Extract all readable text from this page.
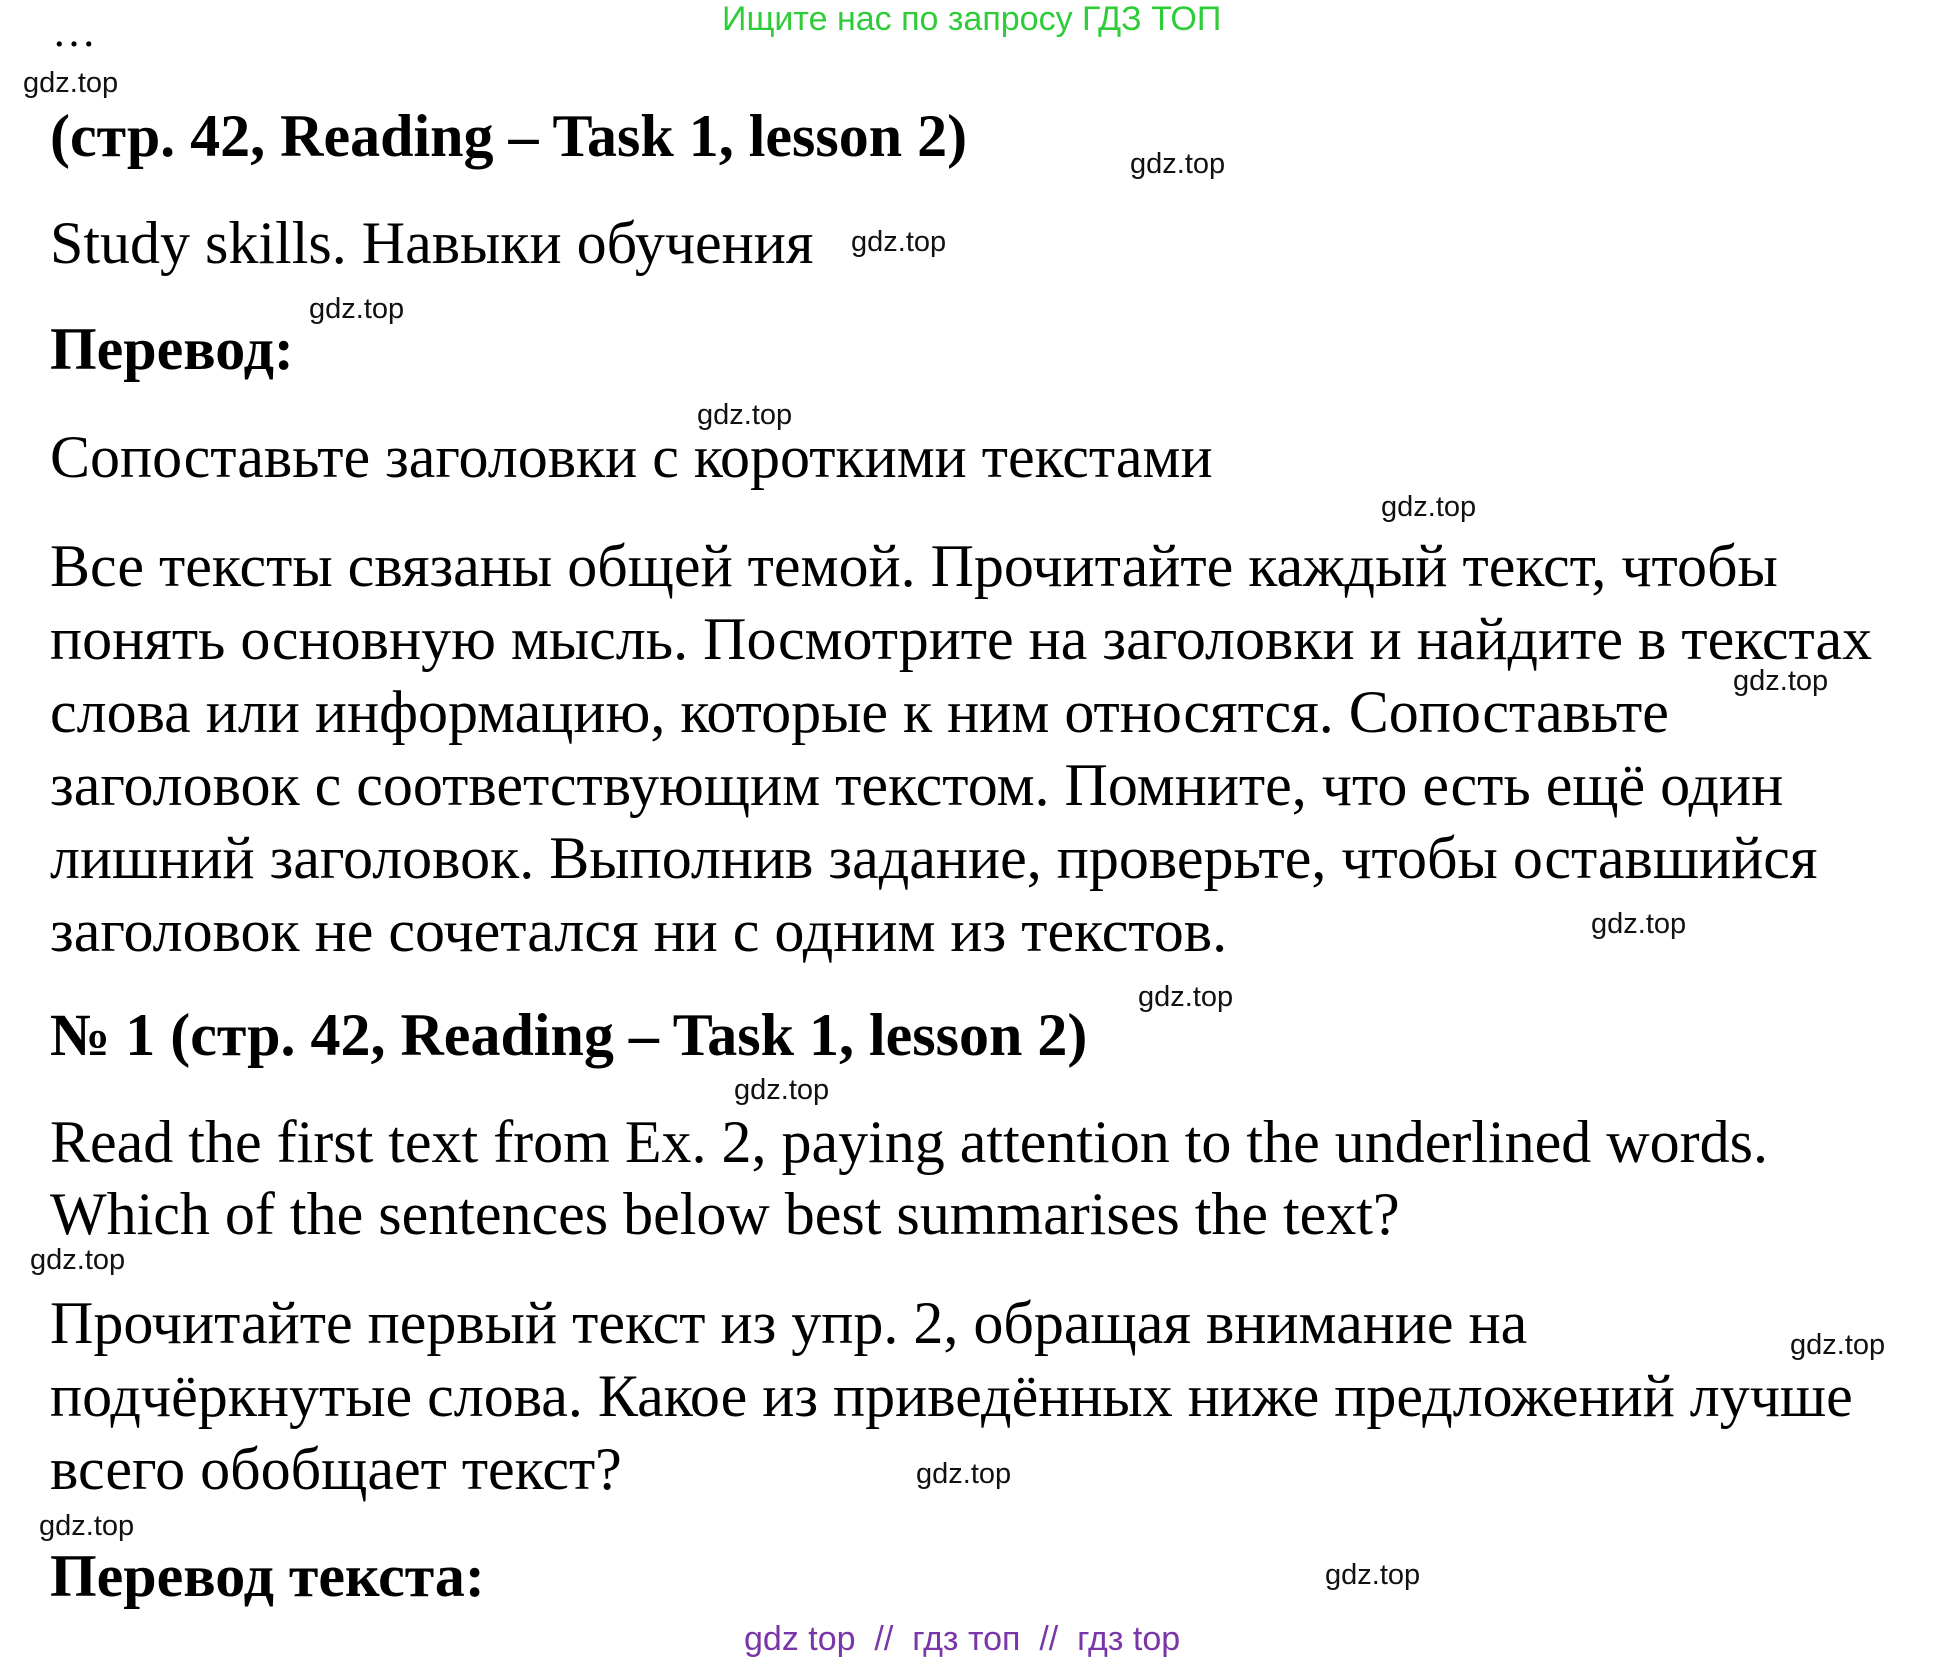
Ищите нас по запросу ГДЗ ТОП
…
(стр. 42, Reading – Task 1, lesson 2)
Study skills. Навыки обучения
Перевод:
Сопоставьте заголовки с короткими текстами
Все тексты связаны общей темой. Прочитайте каждый текст, чтобы
понять основную мысль. Посмотрите на заголовки и найдите в текстах
слова или информацию, которые к ним относятся. Сопоставьте
заголовок с соответствующим текстом. Помните, что есть ещё один
лишний заголовок. Выполнив задание, проверьте, чтобы оставшийся
заголовок не сочетался ни с одним из текстов.
№ 1 (стр. 42, Reading – Task 1, lesson 2)
Read the first text from Ex. 2, paying attention to the underlined words.
Which of the sentences below best summarises the text?
Прочитайте первый текст из упр. 2, обращая внимание на
подчёркнутые слова. Какое из приведённых ниже предложений лучше
всего обобщает текст?
Перевод текста:
gdz.top
gdz.top
gdz.top
gdz.top
gdz.top
gdz.top
gdz.top
gdz.top
gdz.top
gdz.top
gdz.top
gdz.top
gdz.top
gdz.top
gdz.top
gdz top  //  гдз топ  //  гдз top
